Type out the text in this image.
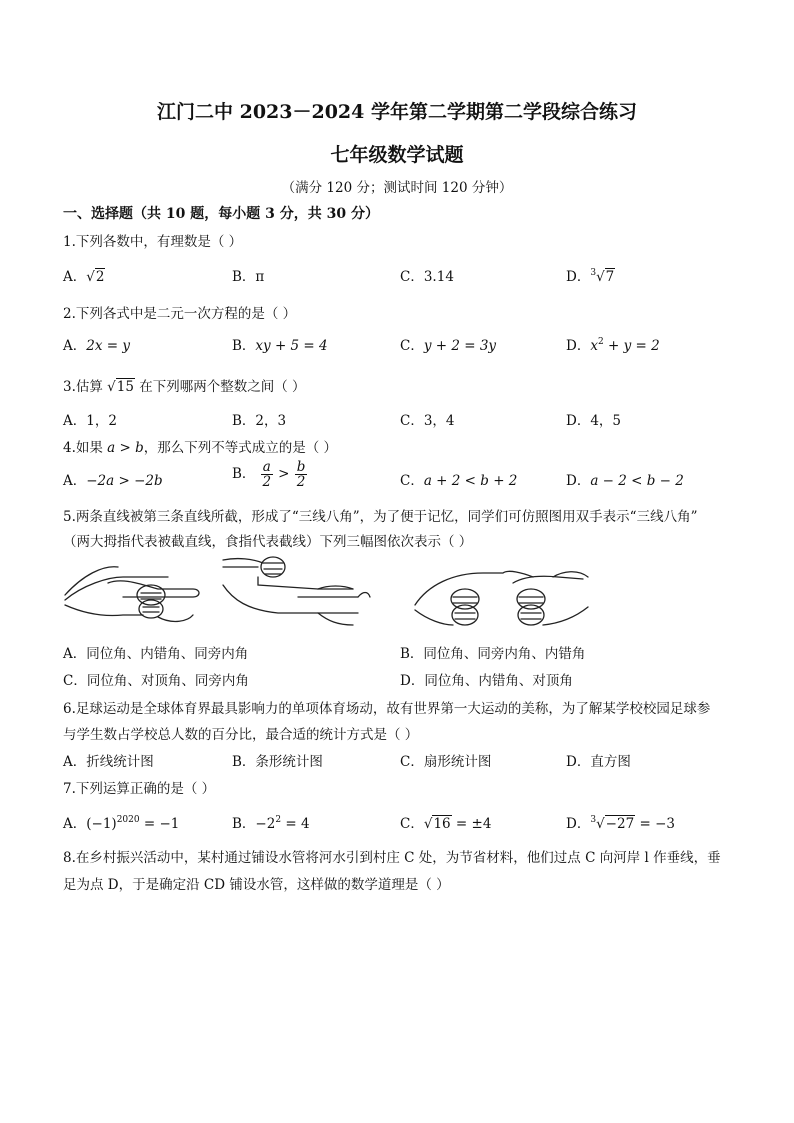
江门二中 2023－2024 学年第二学期第二学段综合练习
七年级数学试题
（满分 120 分；测试时间 120 分钟）
一、选择题（共 10 题，每小题 3 分，共 30 分）
1.下列各数中，有理数是（ ）
A．√2	B．π	C．3.14	D．$^3$√7
2.下列各式中是二元一次方程的是（ ）
A．2x = y	B．xy + 5 = 4	C．y + 2 = 3y	D．$x^2 + y = 2$
3.估算 √15 在下列哪两个整数之间（ ）
A．1，2	B．2，3	C．3，4	D．4，5
4.如果 a > b，那么下列不等式成立的是（ ）
A．−2a > −2b	B． $\frac{a}{2} > \frac{b}{2}$	C．a + 2 < b + 2	D．a − 2 < b − 2
5.两条直线被第三条直线所截，形成了“三线八角”，为了便于记忆，同学们可仿照图用双手表示“三线八角”
（两大拇指代表被截直线，食指代表截线）下列三幅图依次表示（ ）
A．同位角、内错角、同旁内角	B．同位角、同旁内角、内错角
C．同位角、对顶角、同旁内角	D．同位角、内错角、对顶角
6.足球运动是全球体育界最具影响力的单项体育场动，故有世界第一大运动的美称，为了解某学校校园足球参
与学生数占学校总人数的百分比，最合适的统计方式是（ ）
A．折线统计图	B．条形统计图	C．扇形统计图	D．直方图
7.下列运算正确的是（ ）
A．$(-1)^{2020} = -1$	B．$-2^2 = 4$	C．√16 = ±4	D．$^3$√−27 = −3
8.在乡村振兴活动中，某村通过铺设水管将河水引到村庄 C 处，为节省材料，他们过点 C 向河岸 l 作垂线，垂
足为点 D，于是确定沿 CD 铺设水管，这样做的数学道理是（ ）
